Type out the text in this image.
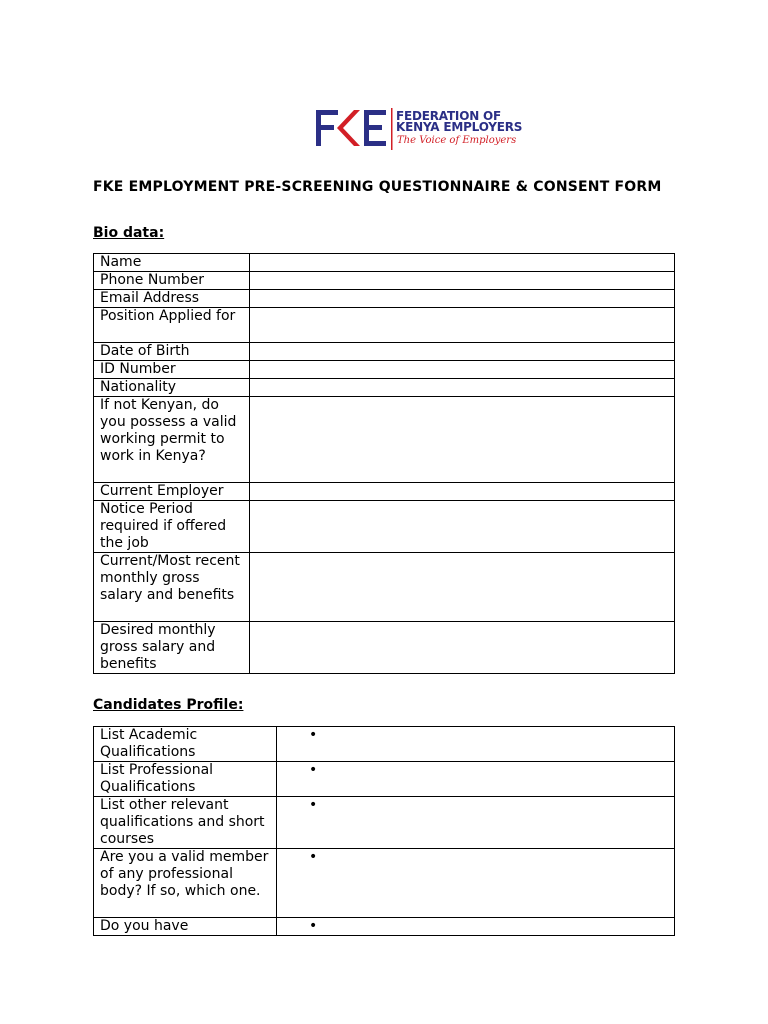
FEDERATION OF
KENYA EMPLOYERS
The Voice of Employers
FKE EMPLOYMENT PRE-SCREENING QUESTIONNAIRE & CONSENT FORM
Bio data:
Name	
Phone Number	
Email Address	
Position Applied for	
Date of Birth	
ID Number	
Nationality	
If not Kenyan, do you possess a valid working permit to work in Kenya?	
Current Employer	
Notice Period required if offered the job	
Current/Most recent monthly gross salary and benefits	
Desired monthly gross salary and benefits	
Candidates Profile:
List Academic Qualifications	•
List Professional Qualifications	•
List other relevant qualifications and short courses	•
Are you a valid member of any professional body? If so, which one.	•
Do you have	•
